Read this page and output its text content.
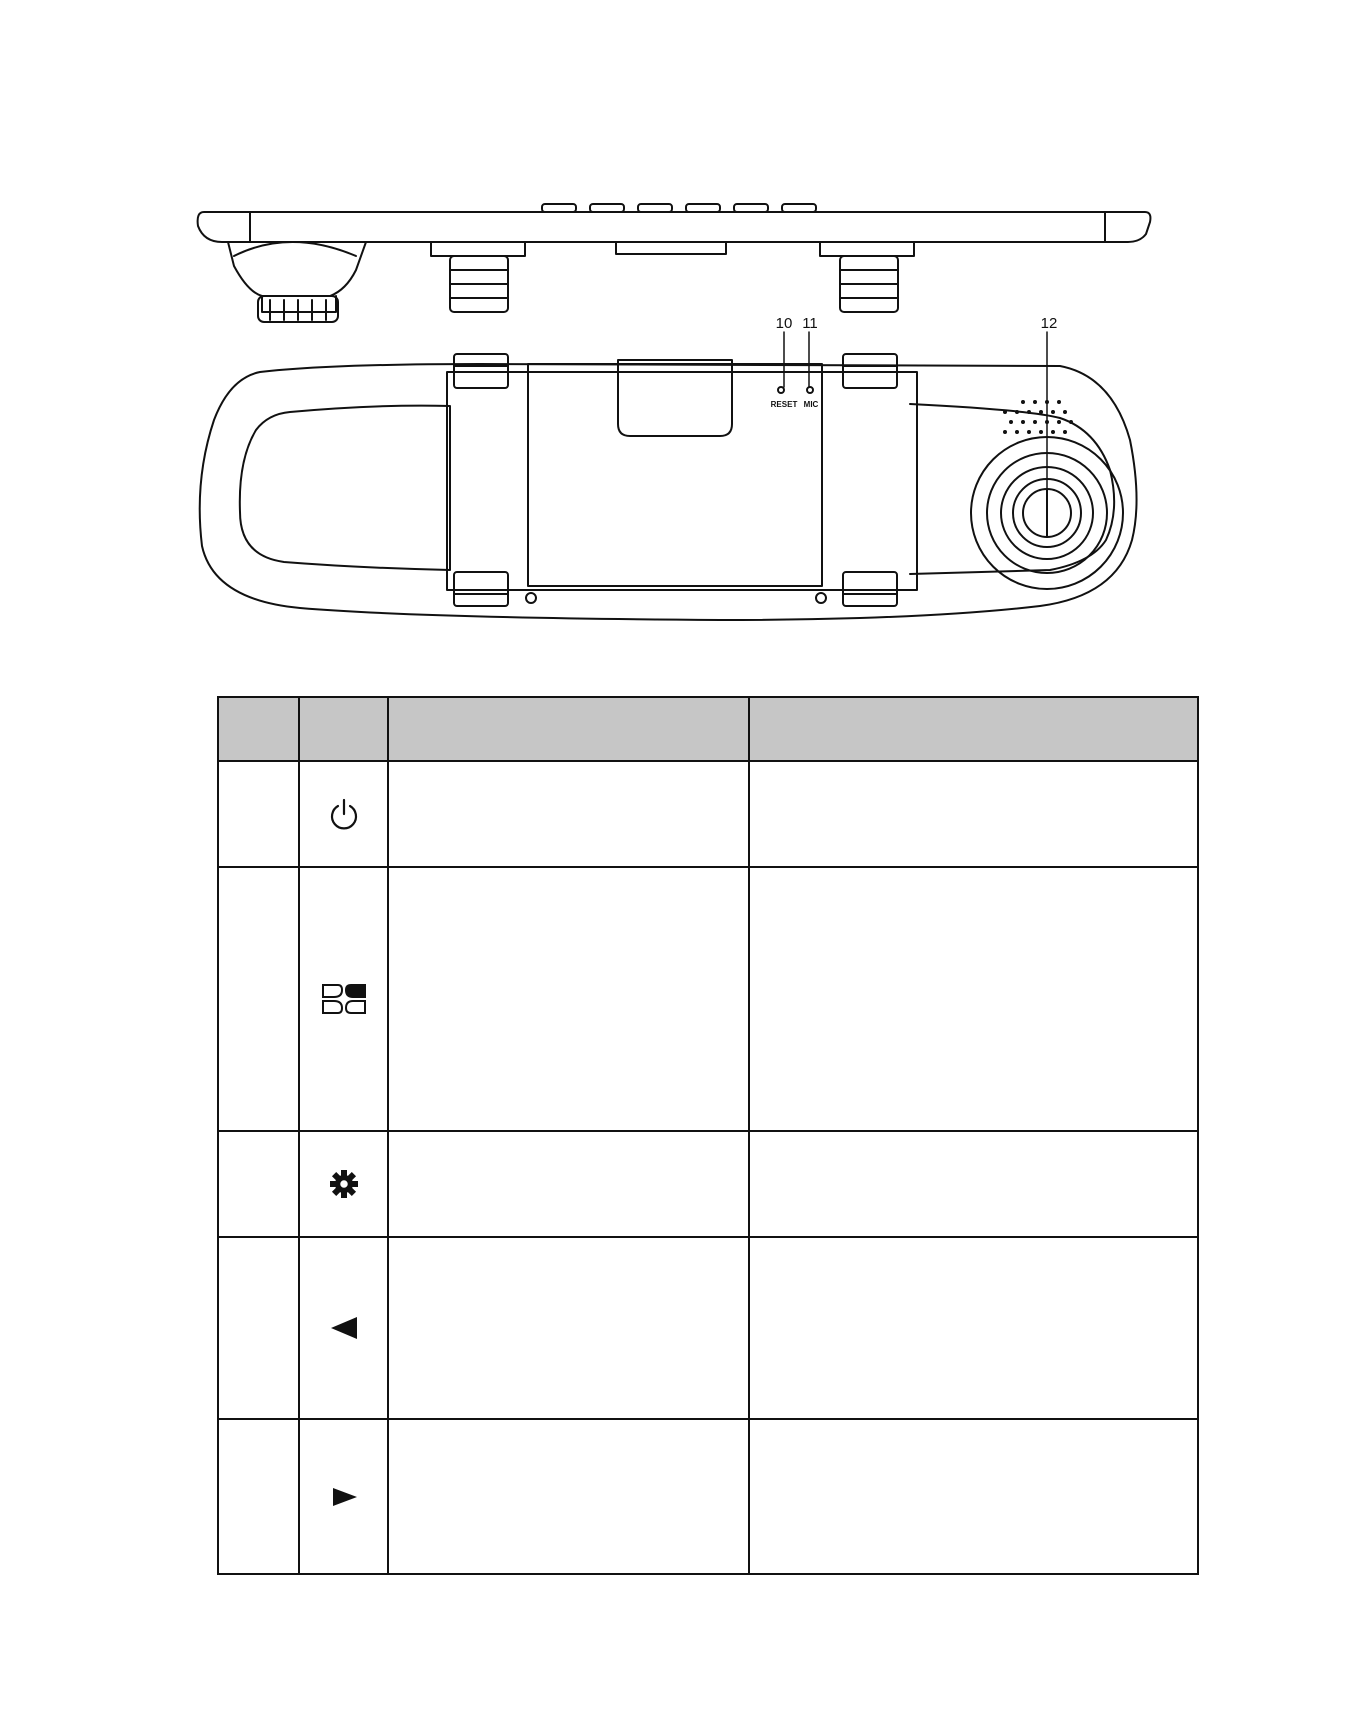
10 11	12
RESET MIC
